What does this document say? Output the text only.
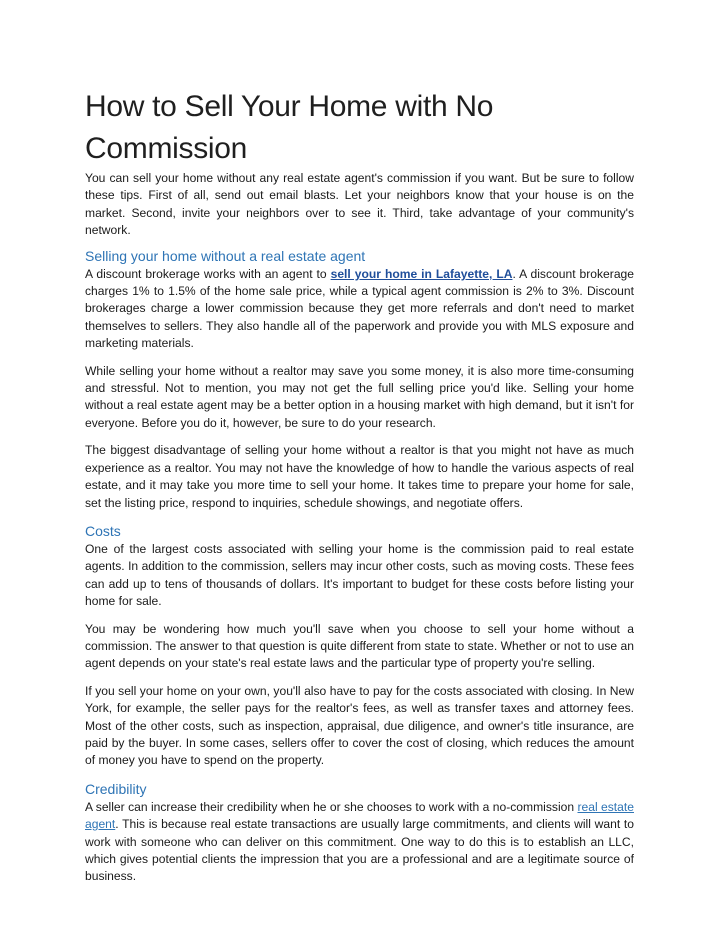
How to Sell Your Home with No Commission

You can sell your home without any real estate agent's commission if you want. But be sure to follow these tips. First of all, send out email blasts. Let your neighbors know that your house is on the market. Second, invite your neighbors over to see it. Third, take advantage of your community's network.

Selling your home without a real estate agent

A discount brokerage works with an agent to sell your home in Lafayette, LA. A discount brokerage charges 1% to 1.5% of the home sale price, while a typical agent commission is 2% to 3%. Discount brokerages charge a lower commission because they get more referrals and don't need to market themselves to sellers. They also handle all of the paperwork and provide you with MLS exposure and marketing materials.

While selling your home without a realtor may save you some money, it is also more time-consuming and stressful. Not to mention, you may not get the full selling price you'd like. Selling your home without a real estate agent may be a better option in a housing market with high demand, but it isn't for everyone. Before you do it, however, be sure to do your research.

The biggest disadvantage of selling your home without a realtor is that you might not have as much experience as a realtor. You may not have the knowledge of how to handle the various aspects of real estate, and it may take you more time to sell your home. It takes time to prepare your home for sale, set the listing price, respond to inquiries, schedule showings, and negotiate offers.

Costs

One of the largest costs associated with selling your home is the commission paid to real estate agents. In addition to the commission, sellers may incur other costs, such as moving costs. These fees can add up to tens of thousands of dollars. It's important to budget for these costs before listing your home for sale.

You may be wondering how much you'll save when you choose to sell your home without a commission. The answer to that question is quite different from state to state. Whether or not to use an agent depends on your state's real estate laws and the particular type of property you're selling.

If you sell your home on your own, you'll also have to pay for the costs associated with closing. In New York, for example, the seller pays for the realtor's fees, as well as transfer taxes and attorney fees. Most of the other costs, such as inspection, appraisal, due diligence, and owner's title insurance, are paid by the buyer. In some cases, sellers offer to cover the cost of closing, which reduces the amount of money you have to spend on the property.

Credibility

A seller can increase their credibility when he or she chooses to work with a no-commission real estate agent. This is because real estate transactions are usually large commitments, and clients will want to work with someone who can deliver on this commitment. One way to do this is to establish an LLC, which gives potential clients the impression that you are a professional and are a legitimate source of business.
